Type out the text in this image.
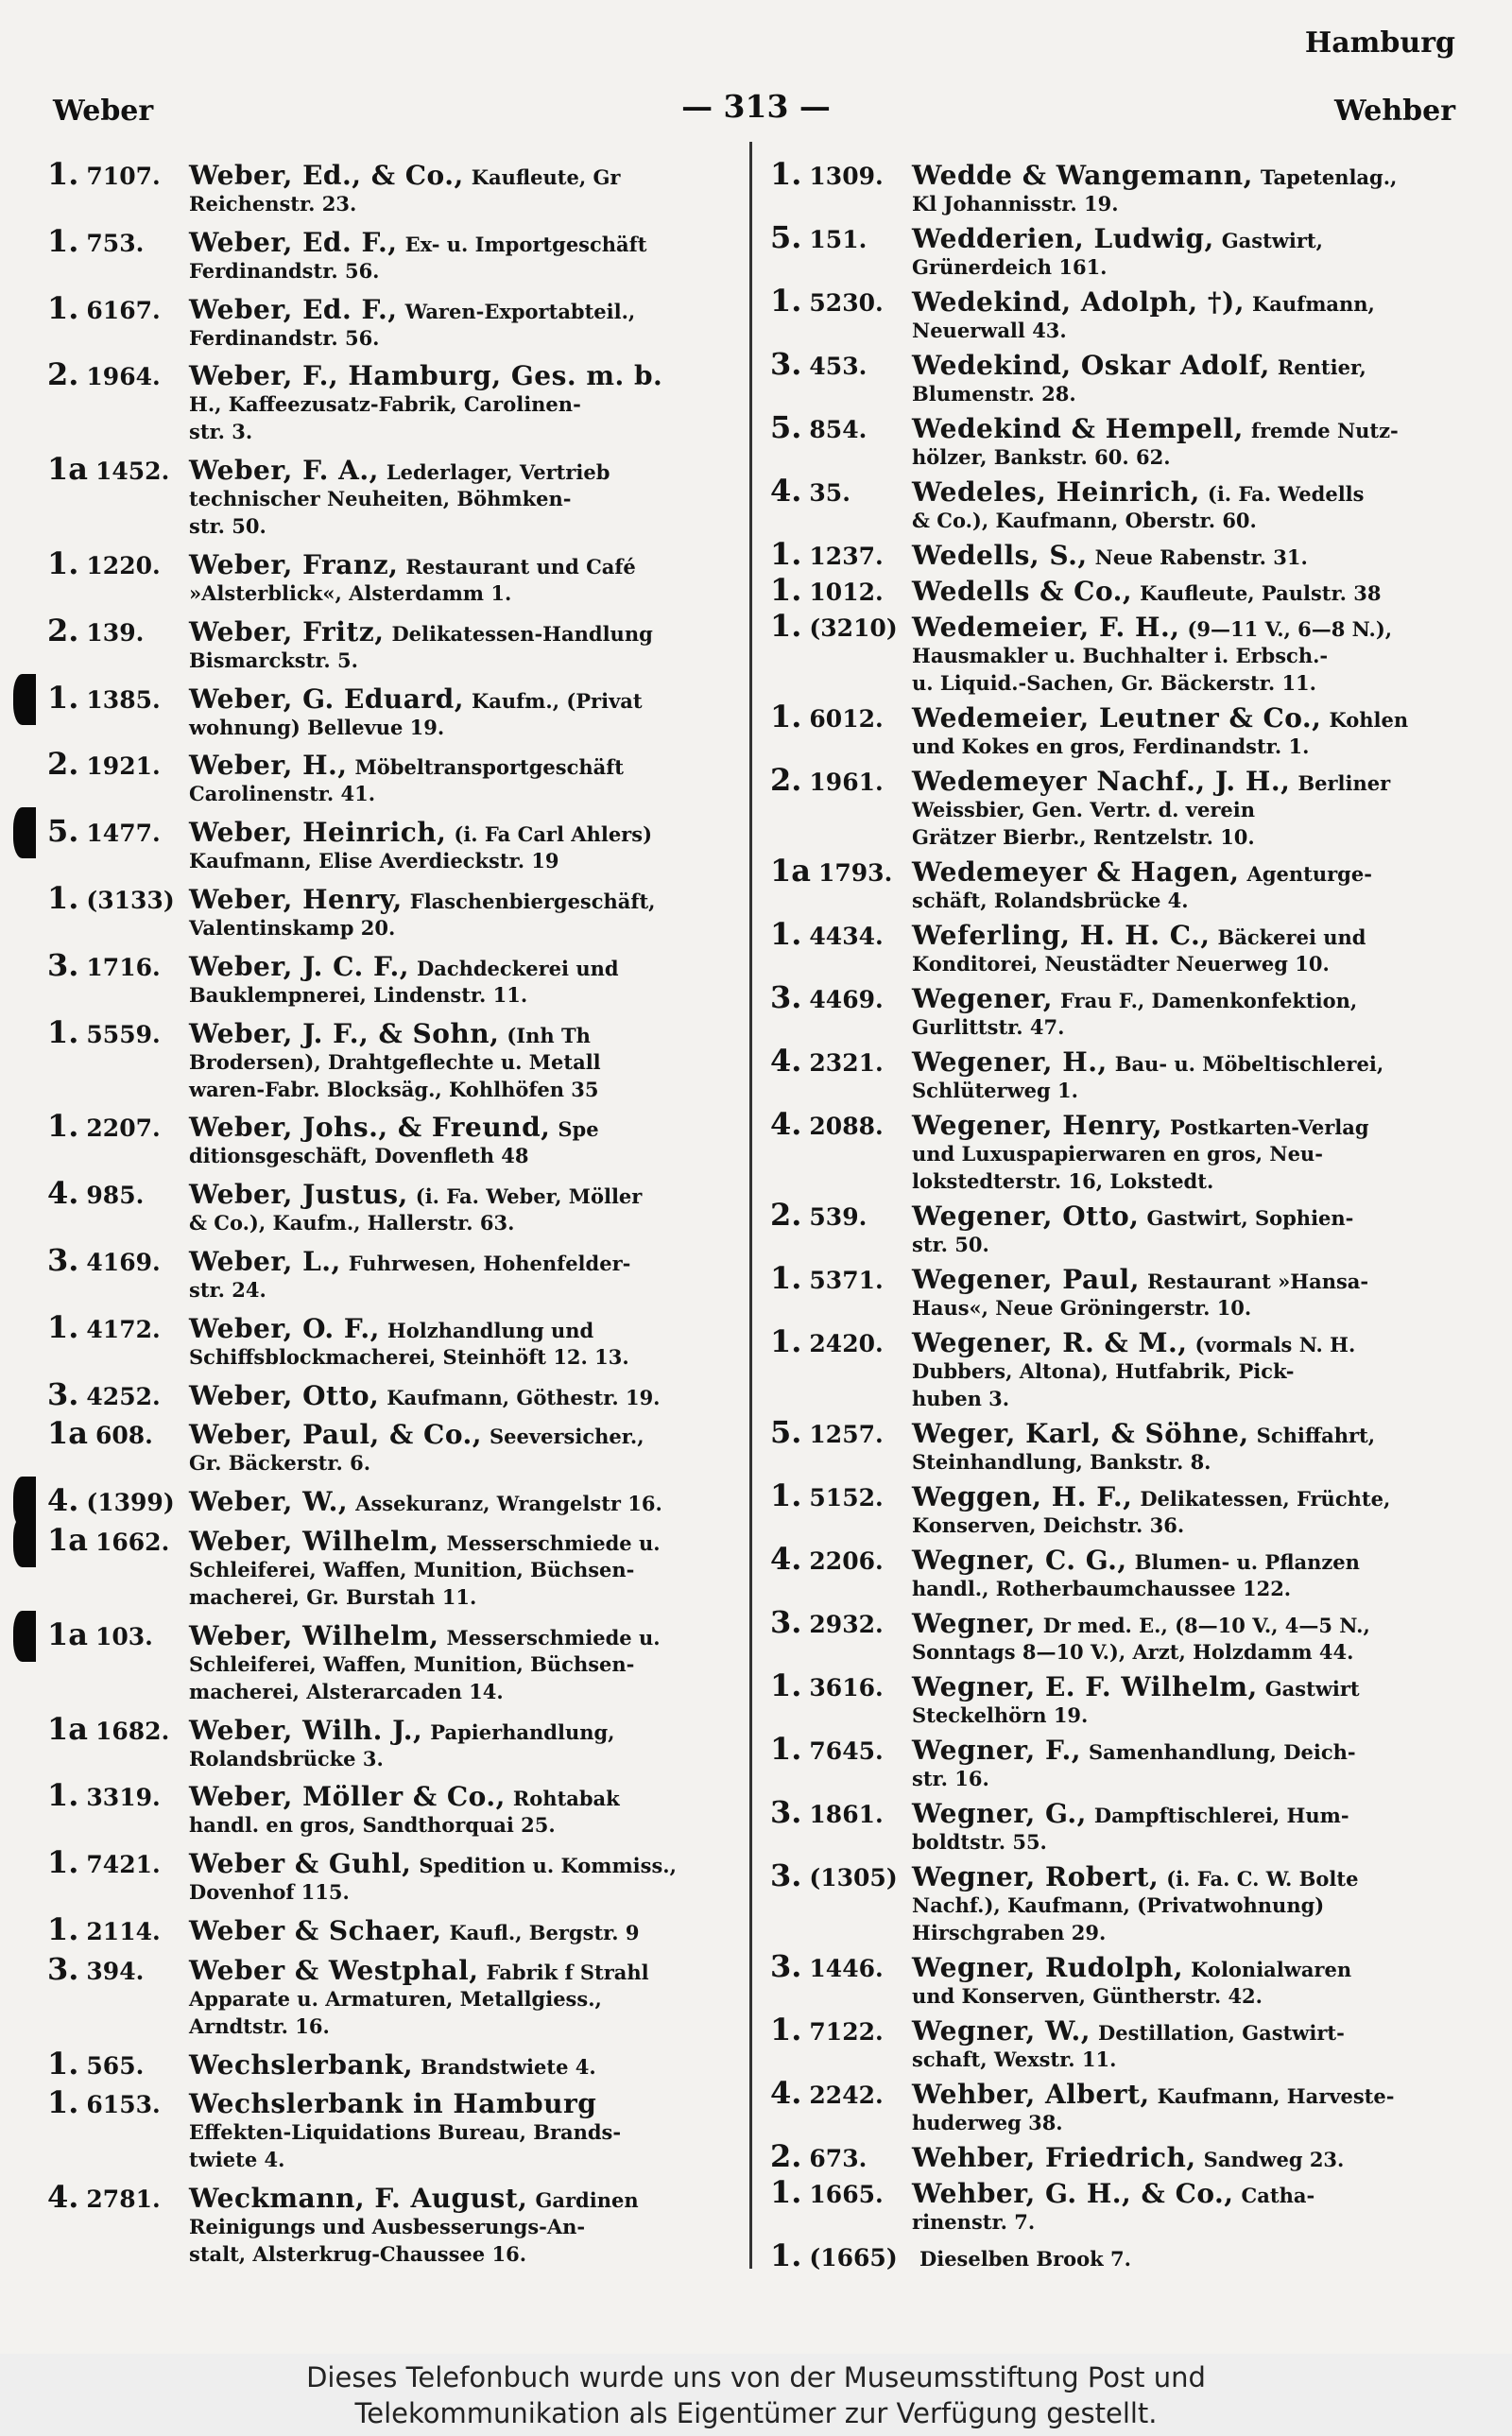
Hamburg
Weber	— 313 —	Wehber
1. 7107.	Weber, Ed., & Co., Kaufleute, Gr
Reichenstr. 23.
1. 753.	Weber, Ed. F., Ex- u. Importgeschäft
Ferdinandstr. 56.
1. 6167.	Weber, Ed. F., Waren-Exportabteil.,
Ferdinandstr. 56.
2. 1964.	Weber, F., Hamburg, Ges. m. b.
H., Kaffeezusatz-Fabrik, Carolinen-
str. 3.
1a 1452. Weber, F. A., Lederlager, Vertrieb
technischer Neuheiten, Böhmken-
str. 50.
1. 1220.	Weber, Franz, Restaurant und Café
»Alsterblick«, Alsterdamm 1.
2. 139.	Weber, Fritz, Delikatessen-Handlung
Bismarckstr. 5.
1. 1385.	Weber, G. Eduard, Kaufm., (Privat
wohnung) Bellevue 19.
2. 1921.	Weber, H., Möbeltransportgeschäft
Carolinenstr. 41.
5. 1477.	Weber, Heinrich, (i. Fa Carl Ahlers)
Kaufmann, Elise Averdieckstr. 19
1. (3133) Weber, Henry, Flaschenbiergeschäft,
Valentinskamp 20.
3. 1716.	Weber, J. C. F., Dachdeckerei und
Bauklempnerei, Lindenstr. 11.
1. 5559.	Weber, J. F., & Sohn, (Inh Th
Brodersen), Drahtgeflechte u. Metall
waren-Fabr. Blocksäg., Kohlhöfen 35
1. 2207.	Weber, Johs., & Freund, Spe
ditionsgeschäft, Dovenfleth 48
4. 985.	Weber, Justus, (i. Fa. Weber, Möller
& Co.), Kaufm., Hallerstr. 63.
3. 4169.	Weber, L., Fuhrwesen, Hohenfelder-
str. 24.
1. 4172.	Weber, O. F., Holzhandlung und
Schiffsblockmacherei, Steinhöft 12. 13.
3. 4252.	Weber, Otto, Kaufmann, Göthestr. 19.
1a 608.	Weber, Paul, & Co., Seeversicher.,
Gr. Bäckerstr. 6.
4. (1399) Weber, W., Assekuranz, Wrangelstr 16.
1a 1662. Weber, Wilhelm, Messerschmiede u.
Schleiferei, Waffen, Munition, Büchsen-
macherei, Gr. Burstah 11.
1a 103.	Weber, Wilhelm, Messerschmiede u.
Schleiferei, Waffen, Munition, Büchsen-
macherei, Alsterarcaden 14.
1a 1682. Weber, Wilh. J., Papierhandlung,
Rolandsbrücke 3.
1. 3319.	Weber, Möller & Co., Rohtabak
handl. en gros, Sandthorquai 25.
1. 7421.	Weber & Guhl, Spedition u. Kommiss.,
Dovenhof 115.
1. 2114.	Weber & Schaer, Kaufl., Bergstr. 9
3. 394.	Weber & Westphal, Fabrik f Strahl
Apparate u. Armaturen, Metallgiess.,
Arndtstr. 16.
1. 565.	Wechslerbank, Brandstwiete 4.
1. 6153.	Wechslerbank in Hamburg
Effekten-Liquidations Bureau, Brands-
twiete 4.
4. 2781.	Weckmann, F. August, Gardinen
Reinigungs und Ausbesserungs-An-
stalt, Alsterkrug-Chaussee 16.
1. 1309.	Wedde & Wangemann, Tapetenlag.,
Kl Johannisstr. 19.
5. 151.	Wedderien, Ludwig, Gastwirt,
Grünerdeich 161.
1. 5230.	Wedekind, Adolph, †), Kaufmann,
Neuerwall 43.
3. 453.	Wedekind, Oskar Adolf, Rentier,
Blumenstr. 28.
5. 854.	Wedekind & Hempell, fremde Nutz-
hölzer, Bankstr. 60. 62.
4. 35.	Wedeles, Heinrich, (i. Fa. Wedells
& Co.), Kaufmann, Oberstr. 60.
1. 1237.	Wedells, S., Neue Rabenstr. 31.
1. 1012.	Wedells & Co., Kaufleute, Paulstr. 38
1. (3210) Wedemeier, F. H., (9—11 V., 6—8 N.),
Hausmakler u. Buchhalter i. Erbsch.-
u. Liquid.-Sachen, Gr. Bäckerstr. 11.
1. 6012.	Wedemeier, Leutner & Co., Kohlen
und Kokes en gros, Ferdinandstr. 1.
2. 1961.	Wedemeyer Nachf., J. H., Berliner
Weissbier, Gen. Vertr. d. verein
Grätzer Bierbr., Rentzelstr. 10.
1a 1793. Wedemeyer & Hagen, Agenturge-
schäft, Rolandsbrücke 4.
1. 4434.	Weferling, H. H. C., Bäckerei und
Konditorei, Neustädter Neuerweg 10.
3. 4469.	Wegener, Frau F., Damenkonfektion,
Gurlittstr. 47.
4. 2321.	Wegener, H., Bau- u. Möbeltischlerei,
Schlüterweg 1.
4. 2088.	Wegener, Henry, Postkarten-Verlag
und Luxuspapierwaren en gros, Neu-
lokstedterstr. 16, Lokstedt.
2. 539.	Wegener, Otto, Gastwirt, Sophien-
str. 50.
1. 5371.	Wegener, Paul, Restaurant »Hansa-
Haus«, Neue Gröningerstr. 10.
1. 2420.	Wegener, R. & M., (vormals N. H.
Dubbers, Altona), Hutfabrik, Pick-
huben 3.
5. 1257.	Weger, Karl, & Söhne, Schiffahrt,
Steinhandlung, Bankstr. 8.
1. 5152.	Weggen, H. F., Delikatessen, Früchte,
Konserven, Deichstr. 36.
4. 2206.	Wegner, C. G., Blumen- u. Pflanzen
handl., Rotherbaumchaussee 122.
3. 2932.	Wegner, Dr med. E., (8—10 V., 4—5 N.,
Sonntags 8—10 V.), Arzt, Holzdamm 44.
1. 3616.	Wegner, E. F. Wilhelm, Gastwirt
Steckelhörn 19.
1. 7645.	Wegner, F., Samenhandlung, Deich-
str. 16.
3. 1861.	Wegner, G., Dampftischlerei, Hum-
boldtstr. 55.
3. (1305) Wegner, Robert, (i. Fa. C. W. Bolte
Nachf.), Kaufmann, (Privatwohnung)
Hirschgraben 29.
3. 1446.	Wegner, Rudolph, Kolonialwaren
und Konserven, Güntherstr. 42.
1. 7122.	Wegner, W., Destillation, Gastwirt-
schaft, Wexstr. 11.
4. 2242.	Wehber, Albert, Kaufmann, Harveste-
huderweg 38.
2. 673.	Wehber, Friedrich, Sandweg 23.
1. 1665.	Wehber, G. H., & Co., Catha-
rinenstr. 7.
1. (1665)	Dieselben Brook 7.
Dieses Telefonbuch wurde uns von der Museumsstiftung Post und
Telekommunikation als Eigentümer zur Verfügung gestellt.
